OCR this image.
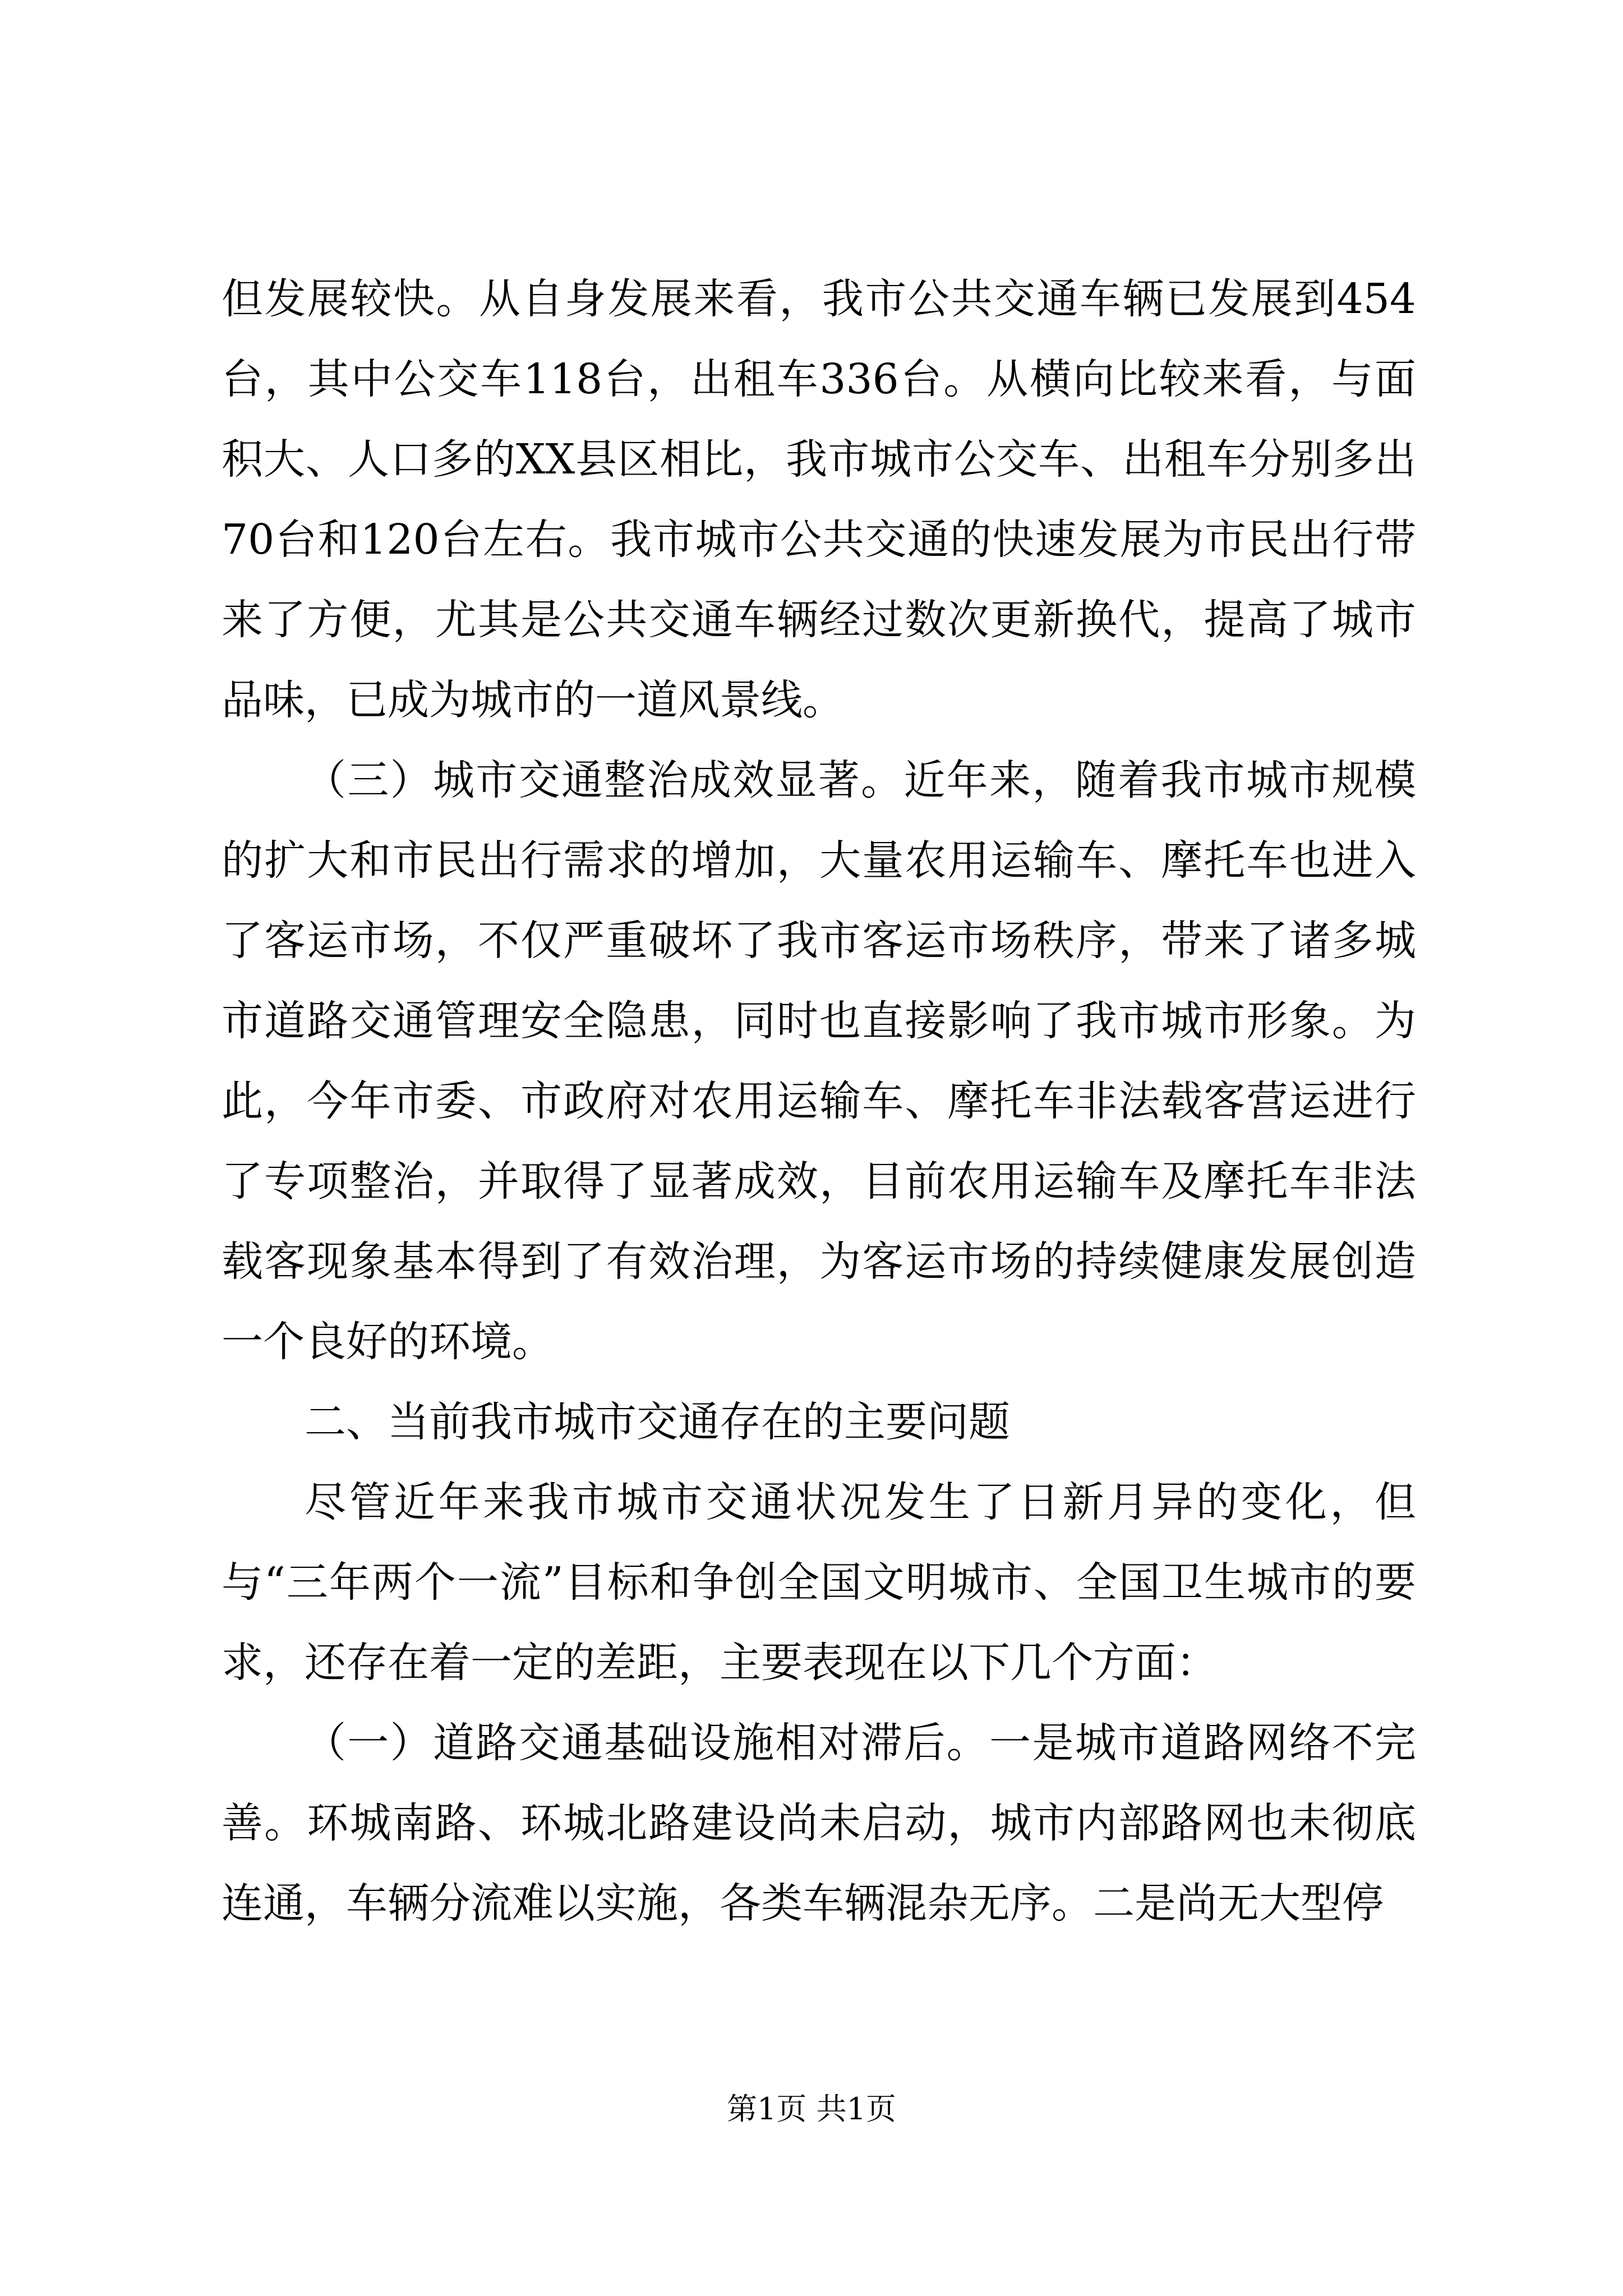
但发展较快。从自身发展来看，我市公共交通车辆已发展到454台，其中公交车118台，出租车336台。从横向比较来看，与面积大、人口多的XX县区相比，我市城市公交车、出租车分别多出70台和120台左右。我市城市公共交通的快速发展为市民出行带来了方便，尤其是公共交通车辆经过数次更新换代，提高了城市品味，已成为城市的一道风景线。

（三）城市交通整治成效显著。近年来，随着我市城市规模的扩大和市民出行需求的增加，大量农用运输车、摩托车也进入了客运市场，不仅严重破坏了我市客运市场秩序，带来了诸多城市道路交通管理安全隐患，同时也直接影响了我市城市形象。为此，今年市委、市政府对农用运输车、摩托车非法载客营运进行了专项整治，并取得了显著成效，目前农用运输车及摩托车非法载客现象基本得到了有效治理，为客运市场的持续健康发展创造一个良好的环境。

二、当前我市城市交通存在的主要问题

尽管近年来我市城市交通状况发生了日新月异的变化，但与“三年两个一流”目标和争创全国文明城市、全国卫生城市的要求，还存在着一定的差距，主要表现在以下几个方面：

（一）道路交通基础设施相对滞后。一是城市道路网络不完善。环城南路、环城北路建设尚未启动，城市内部路网也未彻底连通，车辆分流难以实施，各类车辆混杂无序。二是尚无大型停

第1页 共1页
